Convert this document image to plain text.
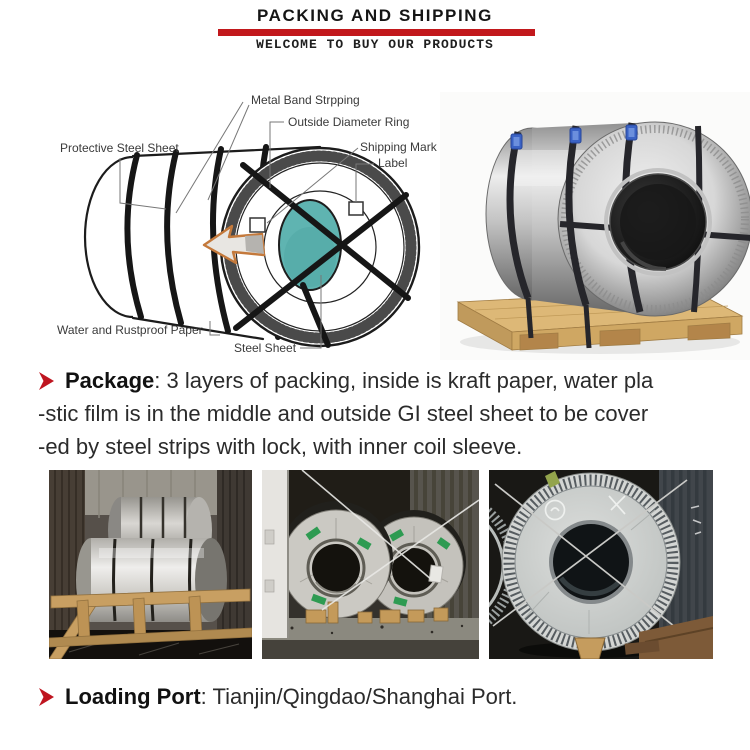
PACKING AND SHIPPING
WELCOME TO BUY OUR PRODUCTS
Metal Band Strpping
Outside Diameter Ring
Shipping Mark
Label
Protective Steel Sheet
Water and Rustproof Paper
Steel Sheet
Package: 3 layers of packing, inside is kraft paper, water pla
-stic film is in the middle and outside GI steel sheet to be cover
-ed by steel strips with lock, with inner coil sleeve.
Loading Port: Tianjin/Qingdao/Shanghai Port.
